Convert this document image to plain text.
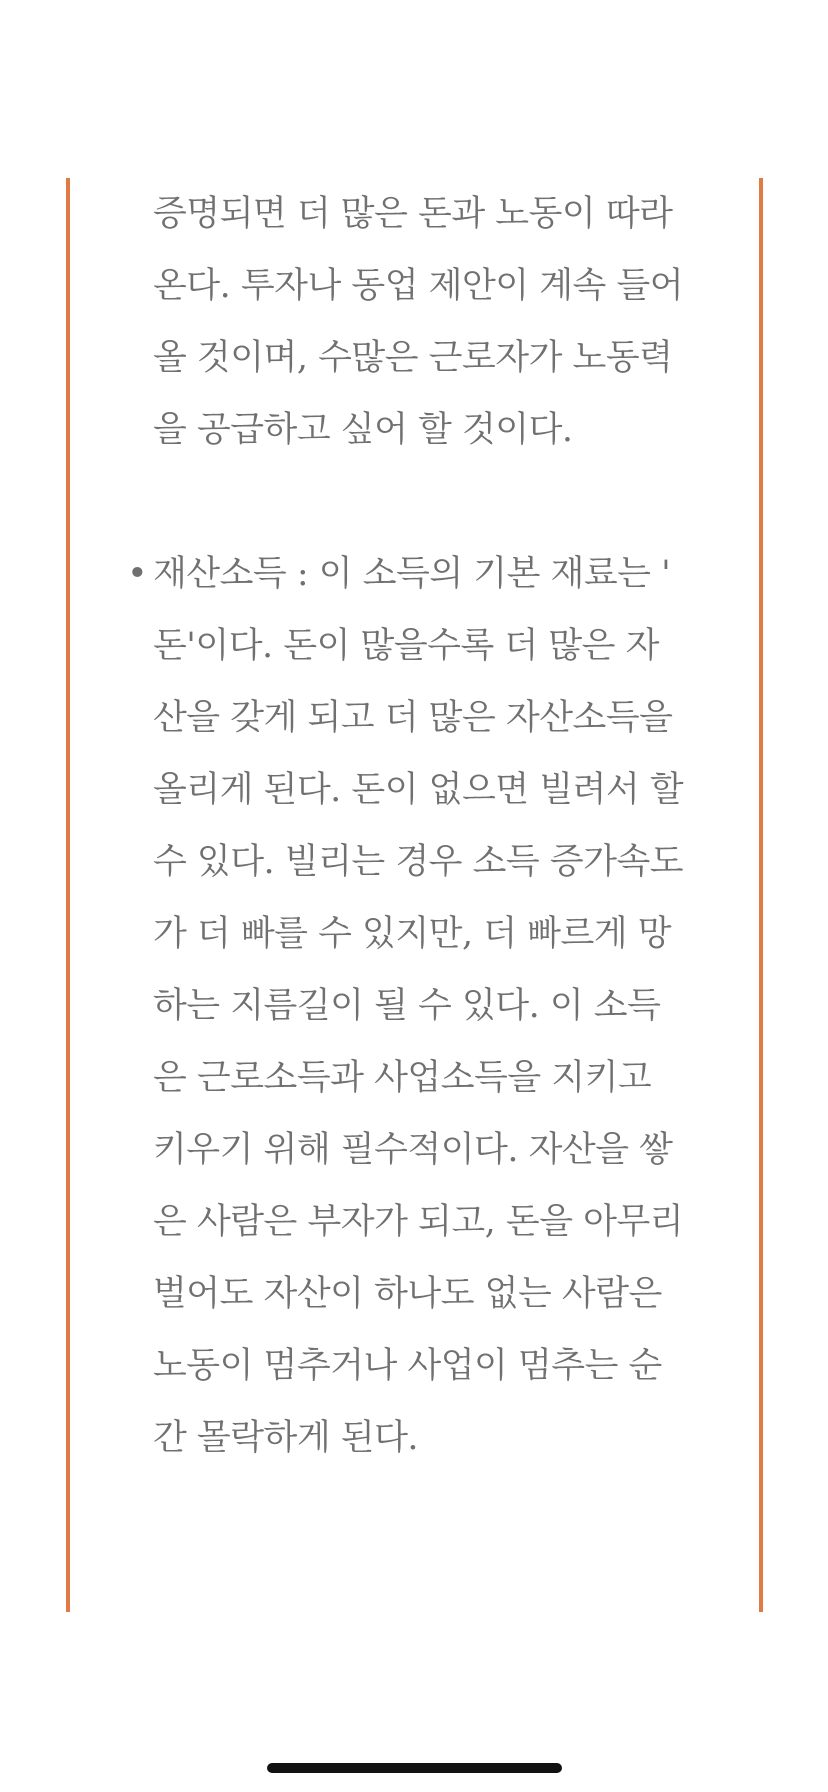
증명되면 더 많은 돈과 노동이 따라
온다. 투자나 동업 제안이 계속 들어
올 것이며, 수많은 근로자가 노동력
을 공급하고 싶어 할 것이다.
• 재산소득 : 이 소득의 기본 재료는 '
돈'이다. 돈이 많을수록 더 많은 자
산을 갖게 되고 더 많은 자산소득을
올리게 된다. 돈이 없으면 빌려서 할
수 있다. 빌리는 경우 소득 증가속도
가 더 빠를 수 있지만, 더 빠르게 망
하는 지름길이 될 수 있다. 이 소득
은 근로소득과 사업소득을 지키고
키우기 위해 필수적이다. 자산을 쌓
은 사람은 부자가 되고, 돈을 아무리
벌어도 자산이 하나도 없는 사람은
노동이 멈추거나 사업이 멈추는 순
간 몰락하게 된다.
